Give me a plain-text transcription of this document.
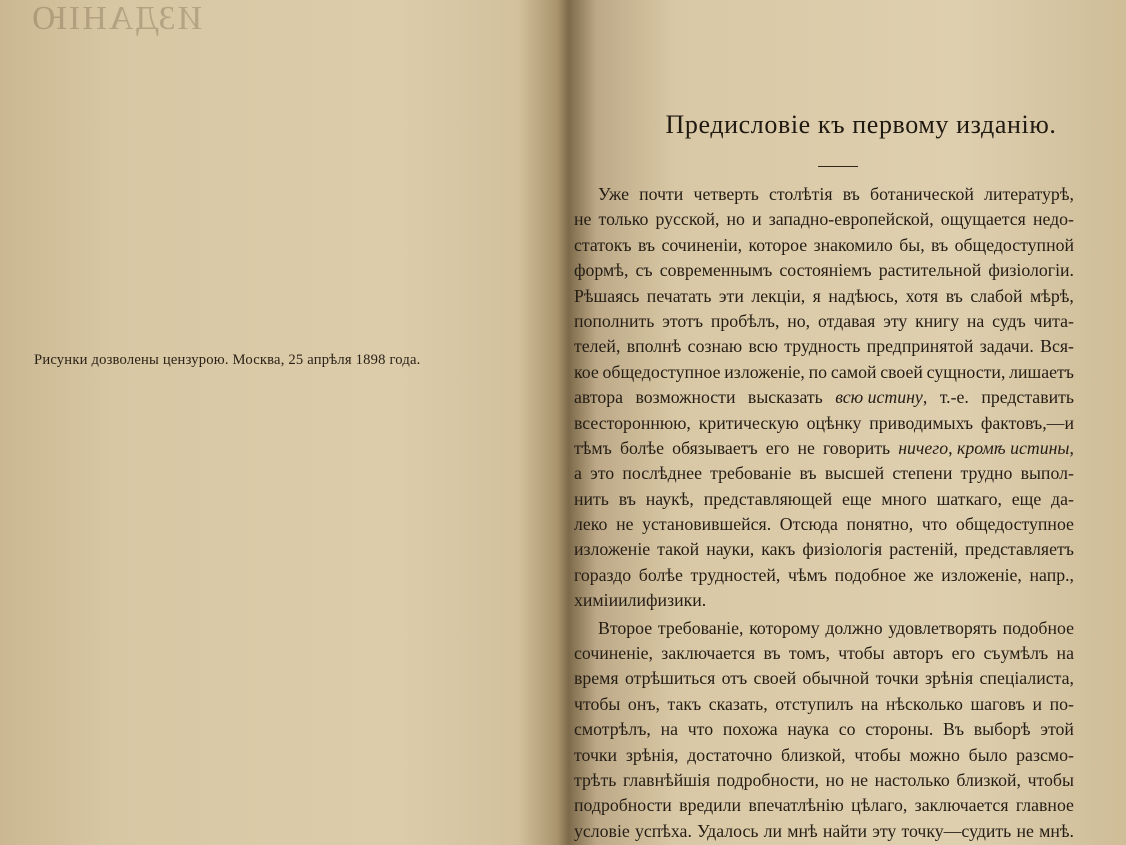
ИЗДАНІЮ
Рисунки дозволены цензурою. Москва, 25 апрѣля 1898 года.
Предисловіе къ первому изданію.
Уже почти четверть столѣтія въ ботанической литературѣ,
не только русской, но и западно-европейской, ощущается недо-
статокъ въ сочиненіи, которое знакомило бы, въ общедоступной
формѣ, съ современнымъ состояніемъ растительной физіологіи.
Рѣшаясь печатать эти лекціи, я надѣюсь, хотя въ слабой мѣрѣ,
пополнить этотъ пробѣлъ, но, отдавая эту книгу на судъ чита-
телей, вполнѣ сознаю всю трудность предпринятой задачи. Вся-
кое общедоступное изложеніе, по самой своей сущности, лишаетъ
автора возможности высказать всю истину, т.-е. представить
всестороннюю, критическую оцѣнку приводимыхъ фактовъ,—и
тѣмъ болѣе обязываетъ его не говорить ничего, кромѣ истины,
а это послѣднее требованіе въ высшей степени трудно выпол-
нить въ наукѣ, представляющей еще много шаткаго, еще да-
леко не установившейся. Отсюда понятно, что общедоступное
изложеніе такой науки, какъ физіологія растеній, представляетъ
гораздо болѣе трудностей, чѣмъ подобное же изложеніе, напр.,
химіи или физики.
Второе требованіе, которому должно удовлетворять подобное
сочиненіе, заключается въ томъ, чтобы авторъ его съумѣлъ на
время отрѣшиться отъ своей обычной точки зрѣнія спеціалиста,
чтобы онъ, такъ сказать, отступилъ на нѣсколько шаговъ и по-
смотрѣлъ, на что похожа наука со стороны. Въ выборѣ этой
точки зрѣнія, достаточно близкой, чтобы можно было разсмо-
трѣть главнѣйшія подробности, но не настолько близкой, чтобы
подробности вредили впечатлѣнію цѣлаго, заключается главное
условіе успѣха. Удалось ли мнѣ найти эту точку—судить не мнѣ.
